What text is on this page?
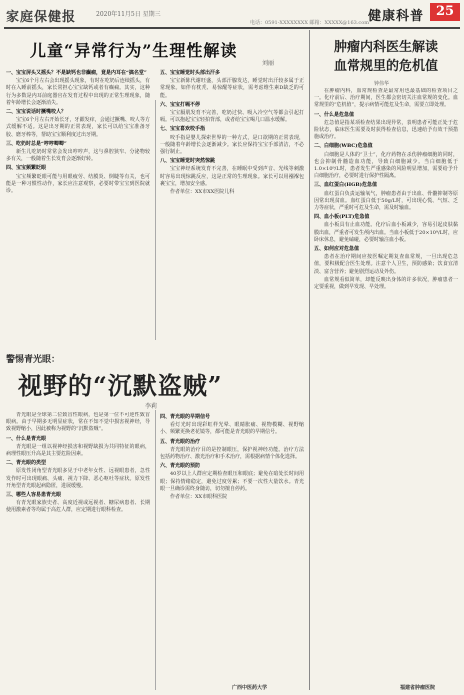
家庭保健报	2020年11月5日 星期三
电话：0591-XXXXXXXX 邮箱：XXXXX@163.com 健康科普 25
儿童“异常行为”生理性解读
刘丽

一、宝宝屏头又摇头？不是缺钙也非癫痫，竟是内耳在“搞名堂”

宝宝6个月左右会出现摇头现象，有时在吃奶后连续摇头，有时在入睡前摇头，家长常担心宝宝缺钙或者有癫痫。其实，这种行为多数是内耳前庭器官在发育过程中出现的正常生理现象，随着年龄增长会逐渐消失。

二、宝宝说话时撅嘴咬人？

宝宝6个月左右开始长牙，牙龈发痒，会通过撅嘴、咬人等方式缓解不适。这是出牙期的正常表现，家长可以给宝宝准备牙胶、磨牙棒等，帮助宝宝顺利度过出牙期。

三、吃奶时总是“哼哼唧唧”

新生儿吃奶时常常会发出哼哼声，这与鼻腔狭窄、分泌物较多有关，一般随着生长发育会逐渐好转。

四、宝宝频繁眨眼

宝宝频繁眨眼可能与用眼疲劳、结膜炎、倒睫等有关，也可能是一种习惯性动作，家长应注意观察，必要时带宝宝到医院就诊。

五、宝宝睡觉时头部出汗多

宝宝新陈代谢旺盛，头部汗腺发达，睡觉时出汗较多属于正常现象。如伴有枕秃、易惊醒等症状，需考虑维生素D缺乏的可能。

六、宝宝打嗝不停

宝宝膈肌发育不完善，吃奶过快、吸入冷空气等都会引起打嗝。可以抱起宝宝轻拍背部，或者给宝宝喝几口温水缓解。

七、宝宝喜欢咬手指

咬手指是婴儿探索世界的一种方式，是口欲期的正常表现，一般随着年龄增长会逐渐减少。家长应保持宝宝手部清洁，不必强行制止。

八、宝宝睡觉时突然惊跳

宝宝神经系统发育不完善，在睡眠中受到声音、光线等刺激时容易出现惊跳反应，这是正常的生理现象。家长可以用襁褓包裹宝宝，增加安全感。

作者单位：XX市XX医院儿科

警惕青光眼：
视野的“沉默盗贼”
李莉

青光眼是全球第二位致盲性眼病，也是第一位不可逆性致盲眼病。由于早期多无明显症状，常在不知不觉中损害视神经，导致视野缩小，因此被称为视野的“沉默盗贼”。

一、什么是青光眼

青光眼是一组以视神经损害和视野缺损为共同特征的眼病，病理性眼压升高是其主要危险因素。

二、青光眼的类型

原发性闭角型青光眼多见于中老年女性、远视眼患者，急性发作时可出现眼痛、头痛、视力下降、恶心呕吐等症状。原发性开角型青光眼起病隐匿，进展缓慢。

三、哪些人容易患青光眼

有青光眼家族史者、高度近视或远视者、糖尿病患者、长期使用激素者等均属于高危人群，应定期进行眼科检查。

四、青光眼的早期信号

看灯光时出现彩虹样光晕、眼睛胀痛、视物模糊、视野缩小、频繁更换老花镜等，都可能是青光眼的早期信号。

五、青光眼的治疗

青光眼的治疗目的是控制眼压，保护视神经功能。治疗方法包括药物治疗、激光治疗和手术治疗，需根据病情个体化选择。

六、青光眼的预防

40岁以上人群应定期检查眼压和眼底；避免在暗处长时间用眼；保持情绪稳定，避免过度劳累；不要一次性大量饮水。青光眼一旦确诊需终身随访，切勿擅自停药。

作者单位：XX市眼科医院

广西中医药大学
肿瘤内科医生解读
血常规里的危机值
钟伟华

在肿瘤内科，血常规检查是最常用也最基础的检查项目之一。化疗前后、治疗期间，医生都会密切关注血常规的变化。血常规里的“危机值”，提示病情可能危及生命，需要立即处理。

一、什么是危急值

危急值是指某项检查结果出现异常，表明患者可能正处于危险状态，临床医生需要及时获得检查信息，迅速给予有效干预措施或治疗。

二、白细胞(WBC)危急值

白细胞是人体的“卫士”，化疗药物在杀伤肿瘤细胞的同时，也会抑制骨髓造血功能，导致白细胞减少。当白细胞低于1.0×10⁹/L时，患者发生严重感染的风险明显增加，需要给予升白细胞治疗，必要时进行保护性隔离。

三、血红蛋白(HGB)危急值

血红蛋白负责运输氧气，肿瘤患者由于出血、骨髓抑制等原因常出现贫血。血红蛋白低于50g/L时，可出现心慌、气短、乏力等症状，严重时可危及生命，需及时输血。

四、血小板(PLT)危急值

血小板具有止血功能。化疗后血小板减少，容易引起皮肤黏膜出血，严重者可发生颅内出血。当血小板低于20×10⁹/L时，应卧床休息，避免磕碰，必要时输注血小板。

五、如何应对危急值

患者在治疗期间应按医嘱定期复查血常规，一旦出现危急值，要积极配合医生处理。注意个人卫生，预防感染；饮食宜清淡、富含营养；避免剧烈运动及外伤。

血常规看似简单，却能反映出身体的许多状况，肿瘤患者一定要重视，做到早发现、早处理。

福建省肿瘤医院
